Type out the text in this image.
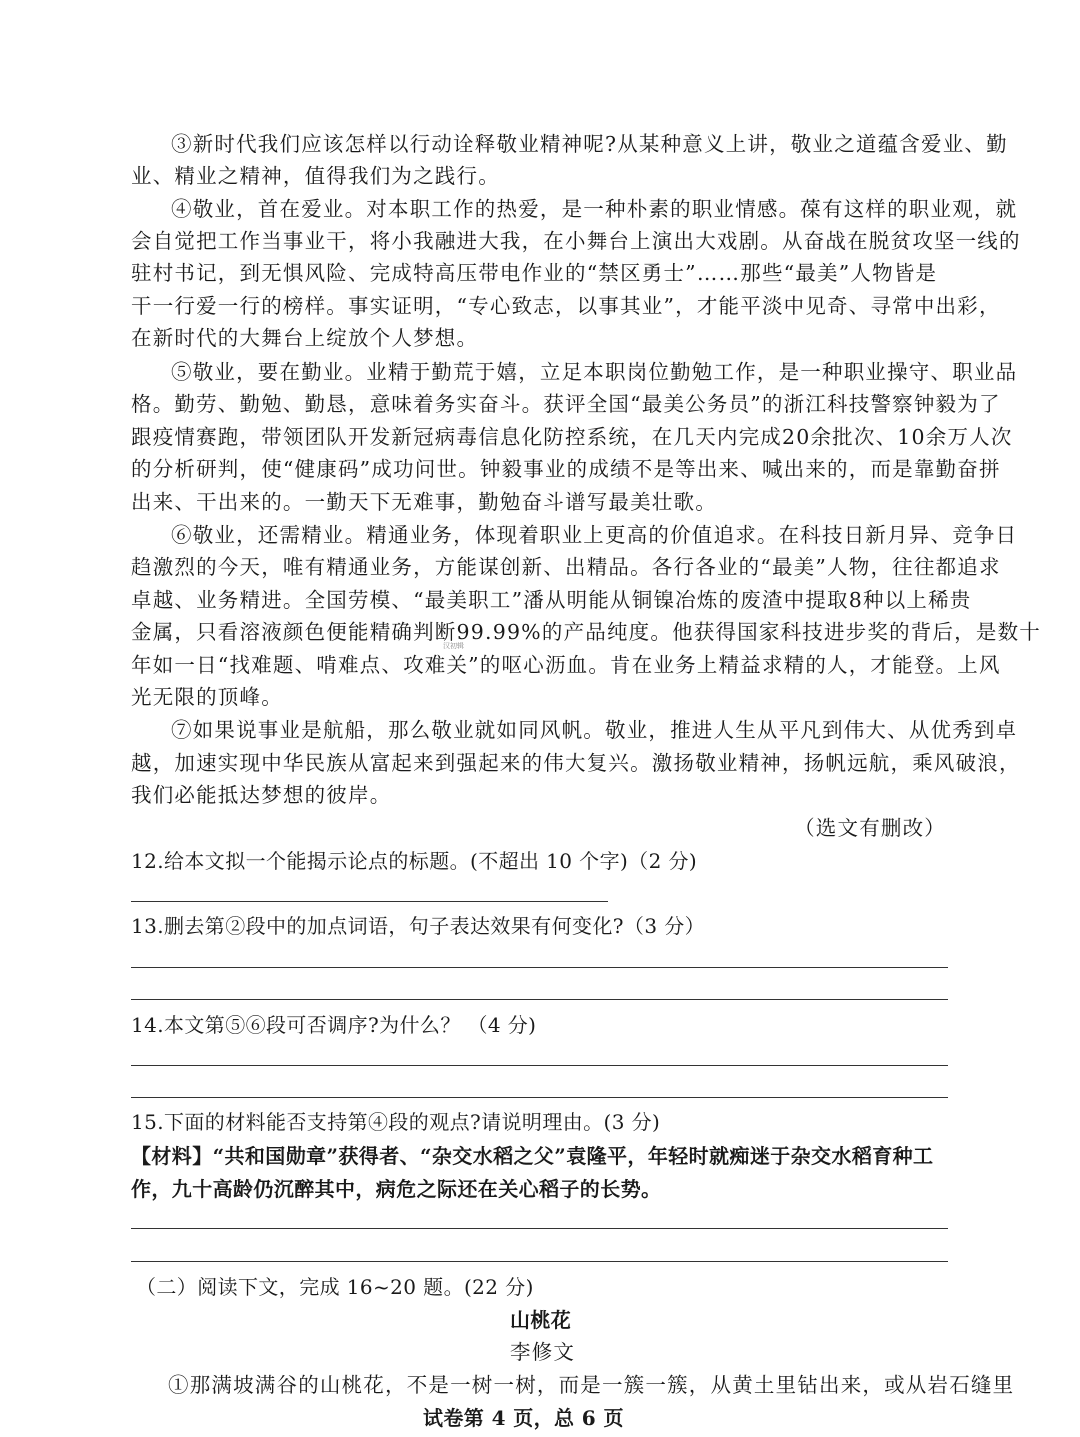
③新时代我们应该怎样以行动诠释敬业精神呢?从某种意义上讲，敬业之道蕴含爱业、勤
业、精业之精神，值得我们为之践行。
④敬业，首在爱业。对本职工作的热爱，是一种朴素的职业情感。葆有这样的职业观，就
会自觉把工作当事业干，将小我融进大我，在小舞台上演出大戏剧。从奋战在脱贫攻坚一线的
驻村书记，到无惧风险、完成特高压带电作业的“禁区勇士”……那些“最美”人物皆是
干一行爱一行的榜样。事实证明，“专心致志，以事其业”，才能平淡中见奇、寻常中出彩，
在新时代的大舞台上绽放个人梦想。
⑤敬业，要在勤业。业精于勤荒于嬉，立足本职岗位勤勉工作，是一种职业操守、职业品
格。勤劳、勤勉、勤恳，意味着务实奋斗。获评全国“最美公务员”的浙江科技警察钟毅为了
跟疫情赛跑，带领团队开发新冠病毒信息化防控系统，在几天内完成20余批次、10余万人次
的分析研判，使“健康码”成功问世。钟毅事业的成绩不是等出来、喊出来的，而是靠勤奋拼
出来、干出来的。一勤天下无难事，勤勉奋斗谱写最美壮歌。
⑥敬业，还需精业。精通业务，体现着职业上更高的价值追求。在科技日新月异、竞争日
趋激烈的今天，唯有精通业务，方能谋创新、出精品。各行各业的“最美”人物，往往都追求
卓越、业务精进。全国劳模、“最美职工”潘从明能从铜镍冶炼的废渣中提取8种以上稀贵
金属，只看溶液颜色便能精确判断99.99%的产品纯度。他获得国家科技进步奖的背后，是数十
汉初辑
年如一日“找难题、啃难点、攻难关”的呕心沥血。肯在业务上精益求精的人，才能登。上风
光无限的顶峰。
⑦如果说事业是航船，那么敬业就如同风帆。敬业，推进人生从平凡到伟大、从优秀到卓
越，加速实现中华民族从富起来到强起来的伟大复兴。激扬敬业精神，扬帆远航，乘风破浪，
我们必能抵达梦想的彼岸。
（选文有删改）
12.给本文拟一个能揭示论点的标题。(不超出 10 个字)（2 分)
13.删去第②段中的加点词语，句子表达效果有何变化?（3 分）
14.本文第⑤⑥段可否调序?为什么？ （4 分)
15.下面的材料能否支持第④段的观点?请说明理由。(3 分)
【材料】“共和国勋章”获得者、“杂交水稻之父”袁隆平，年轻时就痴迷于杂交水稻育种工
作，九十高龄仍沉醉其中，病危之际还在关心稻子的长势。
（二）阅读下文，完成 16~20 题。(22 分)
山桃花
李修文
①那满坡满谷的山桃花，不是一树一树，而是一簇一簇，从黄土里钻出来，或从岩石缝里
试卷第 4 页，总 6 页
